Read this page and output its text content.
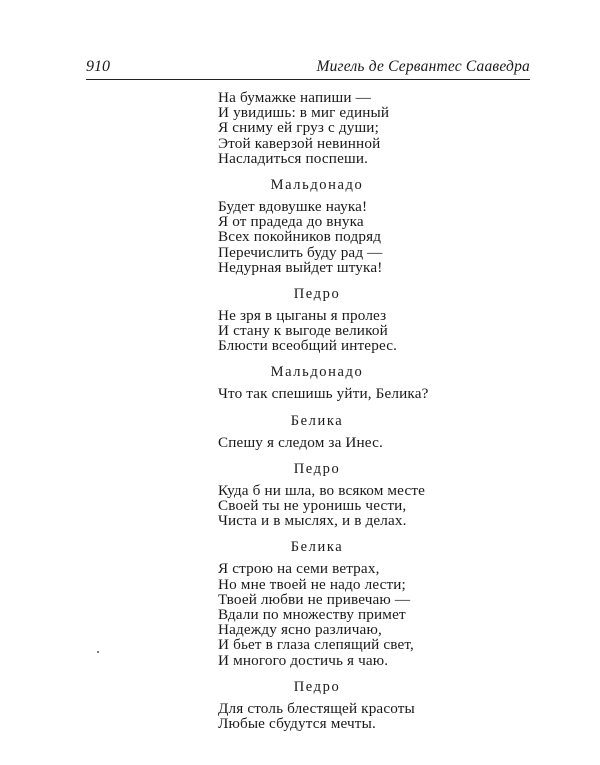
910	Мигель де Сервантес Сааведра
На бумажке напиши —
И увидишь: в миг единый
Я сниму ей груз с души;
Этой каверзой невинной
Насладиться поспеши.
Мальдонадо
Будет вдовушке наука!
Я от прадеда до внука
Всех покойников подряд
Перечислить буду рад —
Недурная выйдет штука!
Педро
Не зря в цыганы я пролез
И стану к выгоде великой
Блюсти всеобщий интерес.
Мальдонадо
Что так спешишь уйти, Белика?
Белика
Спешу я следом за Инес.
Педро
Куда б ни шла, во всяком месте
Своей ты не уронишь чести,
Чиста и в мыслях, и в делах.
Белика
Я строю на семи ветрах,
Но мне твоей не надо лести;
Твоей любви не привечаю —
Вдали по множеству примет
Надежду ясно различаю,
И бьет в глаза слепящий свет,
И многого достичь я чаю.
Педро
Для столь блестящей красоты
Любые сбудутся мечты.
